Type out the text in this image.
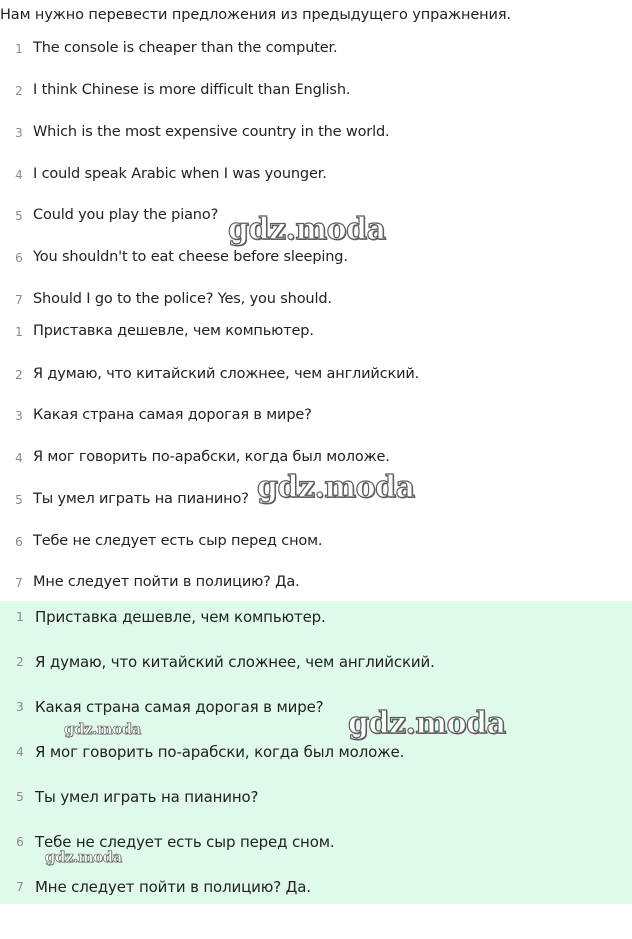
Нам нужно перевести предложения из предыдущего упражнения.
1 The console is cheaper than the computer.
2 I think Chinese is more difficult than English.
3 Which is the most expensive country in the world.
4 I could speak Arabic when I was younger.
5 Could you play the piano?
6 You shouldn't to eat cheese before sleeping.
7 Should I go to the police? Yes, you should.
1 Приставка дешевле, чем компьютер.
2 Я думаю, что китайский сложнее, чем английский.
3 Какая страна самая дорогая в мире?
4 Я мог говорить по-арабски, когда был моложе.
5 Ты умел играть на пианино?
6 Тебе не следует есть сыр перед сном.
7 Мне следует пойти в полицию? Да.
1 Приставка дешевле, чем компьютер.
2 Я думаю, что китайский сложнее, чем английский.
3 Какая страна самая дорогая в мире?
4 Я мог говорить по-арабски, когда был моложе.
5 Ты умел играть на пианино?
6 Тебе не следует есть сыр перед сном.
7 Мне следует пойти в полицию? Да.
gdz.moda
gdz.moda
gdz.moda
gdz.moda
gdz.moda
